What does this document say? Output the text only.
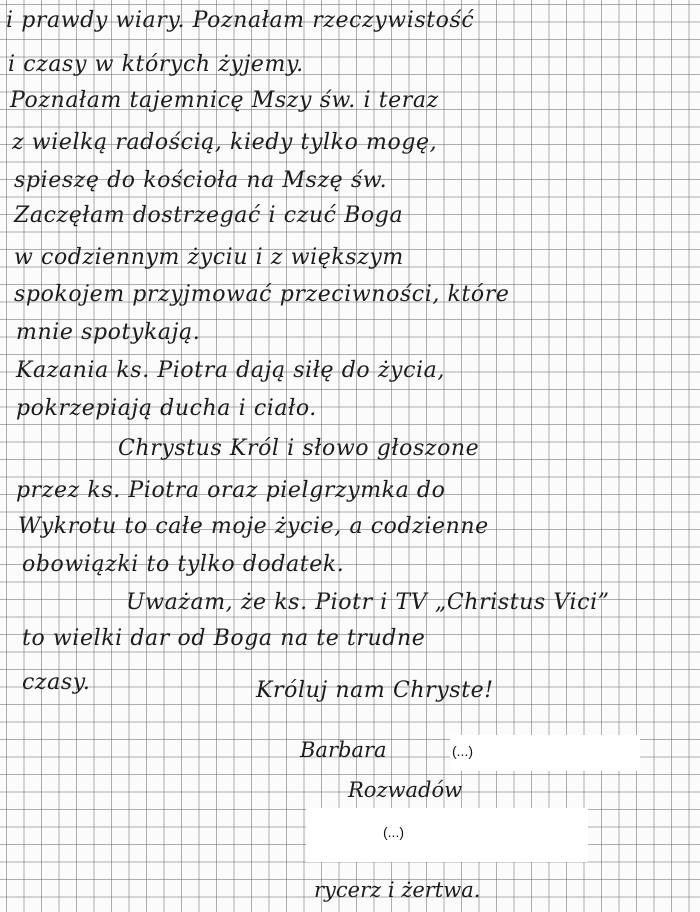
i prawdy wiary. Poznałam rzeczywistość
i czasy w których żyjemy.
Poznałam tajemnicę Mszy św. i teraz
z wielką radością, kiedy tylko mogę,
spieszę do kościoła na Mszę św.
Zaczęłam dostrzegać i czuć Boga
w codziennym życiu i z większym
spokojem przyjmować przeciwności, które
mnie spotykają.
Kazania ks. Piotra dają siłę do życia,
pokrzepiają ducha i ciało.
Chrystus Król i słowo głoszone
przez ks. Piotra oraz pielgrzymka do
Wykrotu to całe moje życie, a codzienne
obowiązki to tylko dodatek.
Uważam, że ks. Piotr i TV „Christus Vici”
to wielki dar od Boga na te trudne
czasy.	Króluj nam Chryste!
Barbara	(...)
Rozwadów
(...)
rycerz i żertwa.
